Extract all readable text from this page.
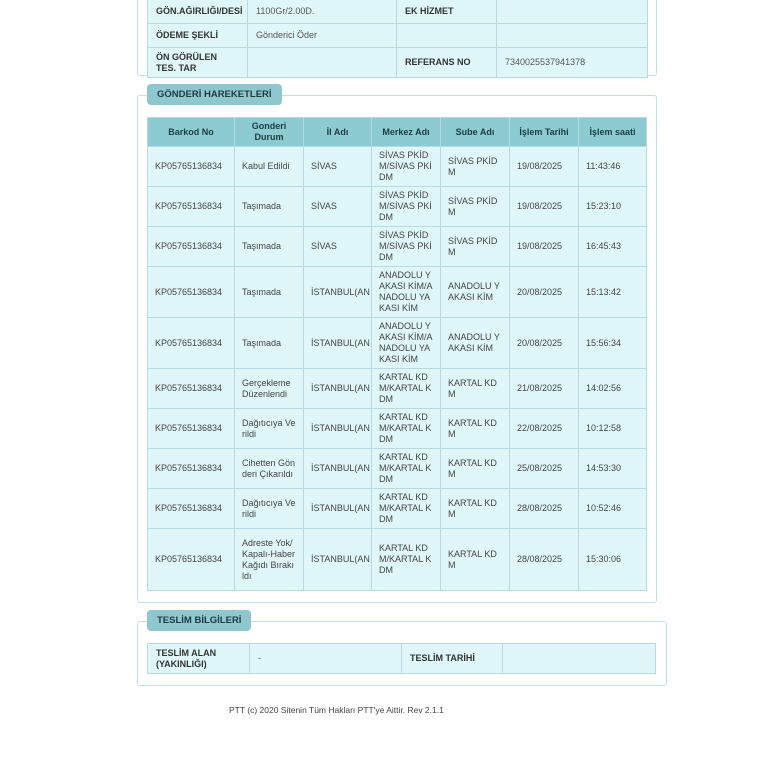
GÖN.AĞIRLIĞI/DESİ	1100Gr/2.00D.	EK HİZMET	
ÖDEME ŞEKLİ	Gönderici Öder		
ÖN GÖRÜLEN TES. TAR		REFERANS NO	7340025537941378
GÖNDERİ HAREKETLERİ
Barkod No	Gonderi Durum	İl Adı	Merkez Adı	Sube Adı	İşlem Tarihi	İşlem saati
KP05765136834	Kabul Edildi	SİVAS	SİVAS PKİDM/SİVAS PKİDM	SİVAS PKİDM	19/08/2025	11:43:46
KP05765136834	Taşımada	SİVAS	SİVAS PKİDM/SİVAS PKİDM	SİVAS PKİDM	19/08/2025	15:23:10
KP05765136834	Taşımada	SİVAS	SİVAS PKİDM/SİVAS PKİDM	SİVAS PKİDM	19/08/2025	16:45:43
KP05765136834	Taşımada	İSTANBUL(AN	ANADOLU YAKASI KİM/ANADOLU YAKASI KİM	ANADOLU YAKASI KİM	20/08/2025	15:13:42
KP05765136834	Taşımada	İSTANBUL(AN	ANADOLU YAKASI KİM/ANADOLU YAKASI KİM	ANADOLU YAKASI KİM	20/08/2025	15:56:34
KP05765136834	Gerçekleme Düzenlendi	İSTANBUL(AN	KARTAL KDM/KARTAL KDM	KARTAL KDM	21/08/2025	14:02:56
KP05765136834	Dağıtıcıya Verildi	İSTANBUL(AN	KARTAL KDM/KARTAL KDM	KARTAL KDM	22/08/2025	10:12:58
KP05765136834	Cihetten Gönderi Çıkarıldı	İSTANBUL(AN	KARTAL KDM/KARTAL KDM	KARTAL KDM	25/08/2025	14:53:30
KP05765136834	Dağıtıcıya Verildi	İSTANBUL(AN	KARTAL KDM/KARTAL KDM	KARTAL KDM	28/08/2025	10:52:46
KP05765136834	Adreste Yok/Kapalı-Haber Kağıdı Bırakıldı	İSTANBUL(AN	KARTAL KDM/KARTAL KDM	KARTAL KDM	28/08/2025	15:30:06
TESLİM BİLGİLERİ
TESLİM ALAN (YAKINLIĞI)	-	TESLİM TARİHİ	
PTT (c) 2020 Sitenin Tüm Hakları PTT'ye Aittir. Rev 2.1.1
